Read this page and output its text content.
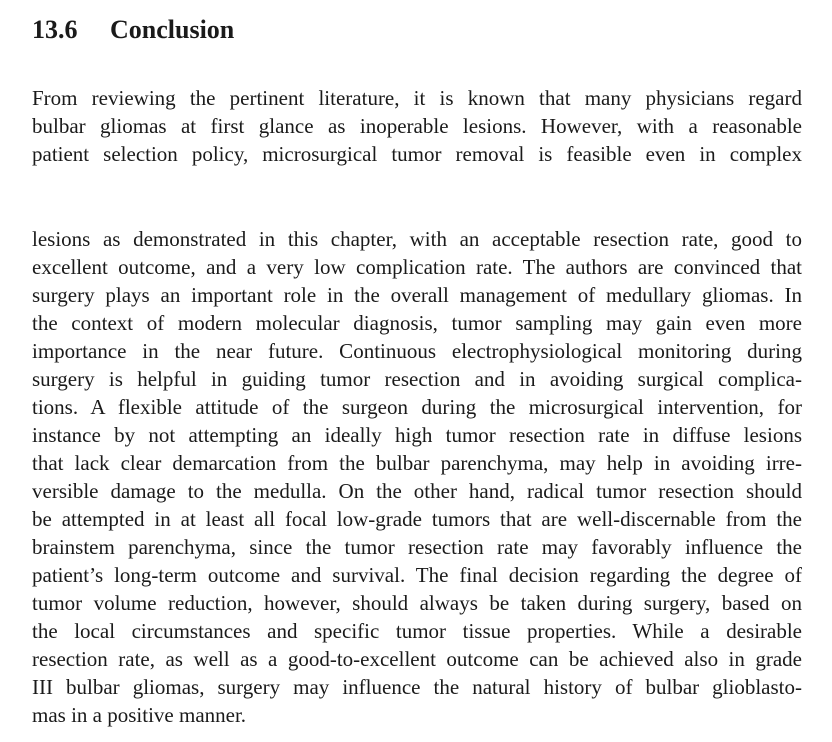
13.6 Conclusion
From reviewing the pertinent literature, it is known that many physicians regard
bulbar gliomas at first glance as inoperable lesions. However, with a reasonable
patient selection policy, microsurgical tumor removal is feasible even in complex
lesions as demonstrated in this chapter, with an acceptable resection rate, good to
excellent outcome, and a very low complication rate. The authors are convinced that
surgery plays an important role in the overall management of medullary gliomas. In
the context of modern molecular diagnosis, tumor sampling may gain even more
importance in the near future. Continuous electrophysiological monitoring during
surgery is helpful in guiding tumor resection and in avoiding surgical complica-
tions. A flexible attitude of the surgeon during the microsurgical intervention, for
instance by not attempting an ideally high tumor resection rate in diffuse lesions
that lack clear demarcation from the bulbar parenchyma, may help in avoiding irre-
versible damage to the medulla. On the other hand, radical tumor resection should
be attempted in at least all focal low-grade tumors that are well-discernable from the
brainstem parenchyma, since the tumor resection rate may favorably influence the
patient’s long-term outcome and survival. The final decision regarding the degree of
tumor volume reduction, however, should always be taken during surgery, based on
the local circumstances and specific tumor tissue properties. While a desirable
resection rate, as well as a good-to-excellent outcome can be achieved also in grade
III bulbar gliomas, surgery may influence the natural history of bulbar glioblasto-
mas in a positive manner.
